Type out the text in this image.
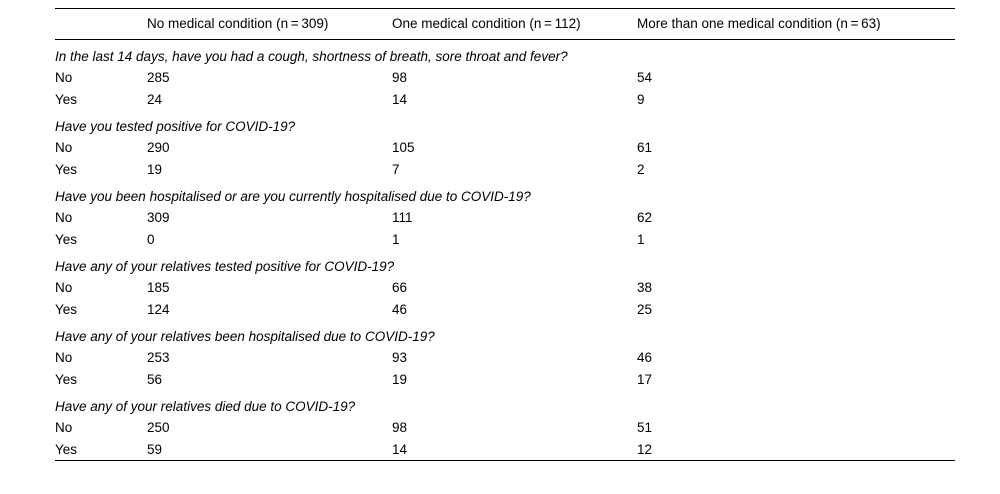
	No medical condition (n = 309)	One medical condition (n = 112)	More than one medical condition (n = 63)

In the last 14 days, have you had a cough, shortness of breath, sore throat and fever?			
No	285	98	54
Yes	24	14	9
Have you tested positive for COVID-19?			
No	290	105	61
Yes	19	7	2
Have you been hospitalised or are you currently hospitalised due to COVID-19?			
No	309	111	62
Yes	0	1	1
Have any of your relatives tested positive for COVID-19?			
No	185	66	38
Yes	124	46	25
Have any of your relatives been hospitalised due to COVID-19?			
No	253	93	46
Yes	56	19	17
Have any of your relatives died due to COVID-19?			
No	250	98	51
Yes	59	14	12
